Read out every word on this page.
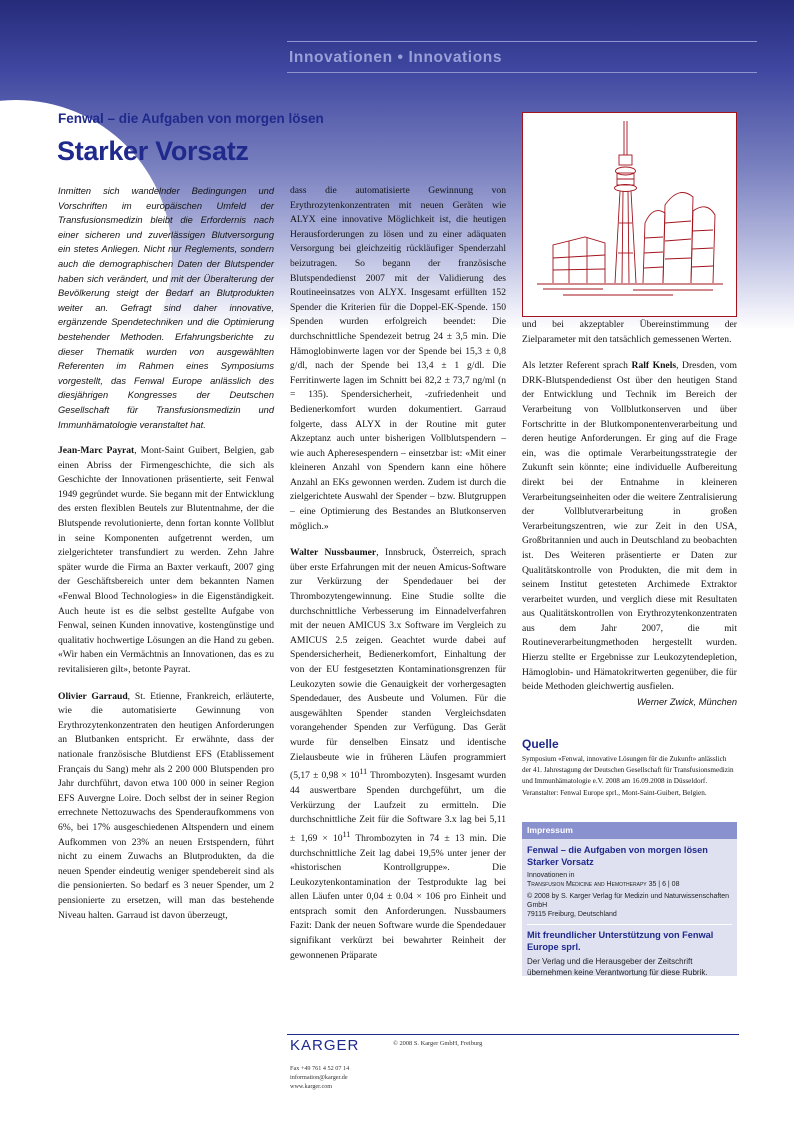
Innovationen • Innovations
Fenwal – die Aufgaben von morgen lösen
Starker Vorsatz

Inmitten sich wandelnder Bedingungen und Vorschriften im europäischen Umfeld der Transfusionsmedizin bleibt die Erfordernis nach einer sicheren und zuverlässigen Blutversorgung ein stetes Anliegen. Nicht nur Reglements, sondern auch die demographischen Daten der Blutspender haben sich verändert, und mit der Überalterung der Bevölkerung steigt der Bedarf an Blutprodukten weiter an. Gefragt sind daher innovative, ergänzende Spendetechniken und die Optimierung bestehender Methoden. Erfahrungsberichte zu dieser Thematik wurden von ausgewählten Referenten im Rahmen eines Symposiums vorgestellt, das Fenwal Europe anlässlich des diesjährigen Kongresses der Deutschen Gesellschaft für Transfusionsmedizin und Immunhämatologie veranstaltet hat.

Jean-Marc Payrat, Mont-Saint Guibert, Belgien, gab einen Abriss der Firmengeschichte, die sich als Geschichte der Innovationen präsentierte, seit Fenwal 1949 gegründet wurde. Sie begann mit der Entwicklung des ersten flexiblen Beutels zur Blutentnahme, der die Blutspende revolutionierte, denn fortan konnte Vollblut in seine Komponenten aufgetrennt werden, um zielgerichteter transfundiert zu werden. Zehn Jahre später wurde die Firma an Baxter verkauft, 2007 ging der Geschäftsbereich unter dem bekannten Namen «Fenwal Blood Technologies» in die Eigenständigkeit. Auch heute ist es die selbst gestellte Aufgabe von Fenwal, seinen Kunden innovative, kostengünstige und qualitativ hochwertige Lösungen an die Hand zu geben. «Wir haben ein Vermächtnis an Innovationen, das es zu revitalisieren gilt», betonte Payrat.

Olivier Garraud, St. Etienne, Frankreich, erläuterte, wie die automatisierte Gewinnung von Erythrozytenkonzentraten den heutigen Anforderungen an Blutbanken entspricht. Er erwähnte, dass der nationale französische Blutdienst EFS (Etablissement Français du Sang) mehr als 2 200 000 Blutspenden pro Jahr durchführt, davon etwa 100 000 in seiner Region EFS Auvergne Loire. Doch selbst der in seiner Region errechnete Nettozuwachs des Spenderaufkommens von 6%, bei 17% ausgeschiedenen Altspendern und einem Aufkommen von 23% an neuen Erstspendern, führt nicht zu einem Zuwachs an Blutprodukten, da die neuen Spender eindeutig weniger spendebereit sind als die pensionierten. So bedarf es 3 neuer Spender, um 2 pensionierte zu ersetzen, will man das bestehende Niveau halten. Garraud ist davon überzeugt,

dass die automatisierte Gewinnung von Erythrozytenkonzentraten mit neuen Geräten wie ALYX eine innovative Möglichkeit ist, die heutigen Herausforderungen zu lösen und zu einer adäquaten Versorgung bei gleichzeitig rückläufiger Spenderzahl beizutragen. So begann der französische Blutspendedienst 2007 mit der Validierung des Routineeinsatzes von ALYX. Insgesamt erfüllten 152 Spender die Kriterien für die Doppel-EK-Spende. 150 Spenden wurden erfolgreich beendet: Die durchschnittliche Spendezeit betrug 24 ± 3,5 min. Die Hämoglobinwerte lagen vor der Spende bei 15,3 ± 0,8 g/dl, nach der Spende bei 13,4 ± 1 g/dl. Die Ferritinwerte lagen im Schnitt bei 82,2 ± 73,7 ng/ml (n = 135). Spendersicherheit, -zufriedenheit und Bedienerkomfort wurden dokumentiert. Garraud folgerte, dass ALYX in der Routine mit guter Akzeptanz auch unter bisherigen Vollblutspendern – wie auch Apheresespendern – einsetzbar ist: «Mit einer kleineren Anzahl von Spendern kann eine höhere Anzahl an EKs gewonnen werden. Zudem ist durch die zielgerichtete Auswahl der Spender – bzw. Blutgruppen – eine Optimierung des Bestandes an Blutkonserven möglich.»

Walter Nussbaumer, Innsbruck, Österreich, sprach über erste Erfahrungen mit der neuen Amicus-Software zur Verkürzung der Spendedauer bei der Thrombozytengewinnung. Eine Studie sollte die durchschnittliche Verbesserung im Einnadelverfahren mit der neuen AMICUS 3.x Software im Vergleich zu AMICUS 2.5 zeigen. Geachtet wurde dabei auf Spendersicherheit, Bedienerkomfort, Einhaltung der von der EU festgesetzten Kontaminationsgrenzen für Leukozyten sowie die Genauigkeit der vorhergesagten Spendedauer, des Ausbeute und Volumen. Für die ausgewählten Spender standen Vergleichsdaten vorangehender Spenden zur Verfügung. Das Gerät wurde für denselben Einsatz und identische Zielausbeute wie in früheren Läufen programmiert ($5,17 \pm 0,98 \times 10^{11}$ Thrombozyten). Insgesamt wurden 44 auswertbare Spenden durchgeführt, um die Verkürzung der Laufzeit zu ermitteln. Die durchschnittliche Zeit für die Software 3.x lag bei $5,11 \pm 1,69 \times 10^{11}$ Thrombozyten in 74 ± 13 min. Die durchschnittliche Zeit lag dabei 19,5% unter jener der «historischen Kontrollgruppe». Die Leukozytenkontamination der Testprodukte lag bei allen Läufen unter 0,04 ± 0.04 × 106 pro Einheit und entsprach somit den Anforderungen. Nussbaumers Fazit: Dank der neuen Software wurde die Spendedauer signifikant verkürzt bei bewahrter Reinheit der gewonnenen Präparate

und bei akzeptabler Übereinstimmung der Zielparameter mit den tatsächlich gemessenen Werten.

Als letzter Referent sprach Ralf Knels, Dresden, vom DRK-Blutspendedienst Ost über den heutigen Stand der Entwicklung und Technik im Bereich der Verarbeitung von Vollblutkonserven und über Fortschritte in der Blutkomponentenverarbeitung und deren heutige Anforderungen. Er ging auf die Frage ein, was die optimale Verarbeitungsstrategie der Zukunft sein könnte; eine individuelle Aufbereitung direkt bei der Entnahme in kleineren Verarbeitungseinheiten oder die weitere Zentralisierung der Vollblutverarbeitung in großen Verarbeitungszentren, wie zur Zeit in den USA, Großbritannien und auch in Deutschland zu beobachten ist. Des Weiteren präsentierte er Daten zur Qualitätskontrolle von Produkten, die mit dem in seinem Institut getesteten Archimede Extraktor verarbeitet wurden, und verglich diese mit Resultaten aus Qualitätskontrollen von Erythrozytenkonzentraten aus dem Jahr 2007, die mit Routineverarbeitungmethoden hergestellt wurden. Hierzu stellte er Ergebnisse zur Leukozytendepletion, Hämoglobin- und Hämatokritwerten gegenüber, die für beide Methoden gleichwertig ausfielen.

Werner Zwick, München

Quelle
Symposium «Fenwal, innovative Lösungen für die Zukunft» anlässlich der 41. Jahrestagung der Deutschen Gesellschaft für Transfusionsmedizin und Immunhämatologie e.V. 2008 am 16.09.2008 in Düsseldorf. Veranstalter: Fenwal Europe sprl., Mont-Saint-Guibert, Belgien.
Impressum
Fenwal – die Aufgaben von morgen lösen Starker Vorsatz
Innovationen in
Transfusion Medicine and Hemotherapy 35 | 6 | 08
© 2008 by S. Karger Verlag für Medizin und Naturwissenschaften GmbH
79115 Freiburg, Deutschland
Mit freundlicher Unterstützung von Fenwal Europe sprl.
Der Verlag und die Herausgeber der Zeitschrift übernehmen keine Verantwortung für diese Rubrik.
KARGER	© 2008 S. Karger GmbH, Freiburg
Fax +49 761 4 52 07 14
information@karger.de
www.karger.com
